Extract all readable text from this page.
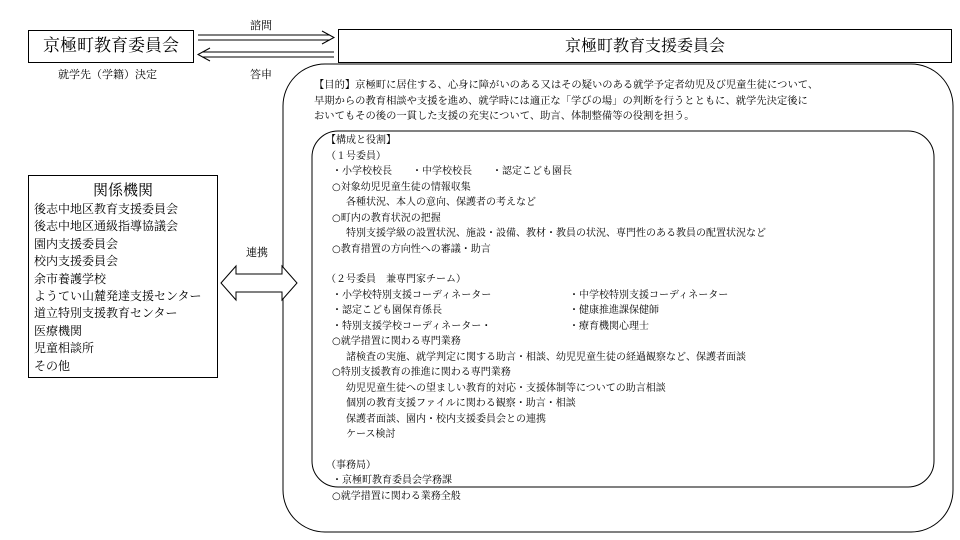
京極町教育委員会
就学先（学籍）決定
諮問
答申
連携
京極町教育支援委員会
【目的】京極町に居住する、心身に障がいのある又はその疑いのある就学予定者幼児及び児童生徒について、
早期からの教育相談や支援を進め、就学時には適正な「学びの場」の判断を行うとともに、就学先決定後に
おいてもその後の一貫した支援の充実について、助言、体制整備等の役割を担う。
関係機関
後志中地区教育支援委員会
後志中地区通級指導協議会
園内支援委員会
校内支援委員会
余市養護学校
ようてい山麓発達支援センター
道立特別支援教育センター
医療機関
児童相談所
その他
【構成と役割】
（１号委員）
・小学校校長　　・中学校校長　　・認定こども園長
○対象幼児児童生徒の情報収集
各種状況、本人の意向、保護者の考えなど
○町内の教育状況の把握
特別支援学級の設置状況、施設・設備、教材・教員の状況、専門性のある教員の配置状況など
○教育措置の方向性への審議・助言
（２号委員　兼専門家チーム）
・小学校特別支援コーディネーター	・中学校特別支援コーディネーター
・認定こども園保育係長	・健康推進課保健師
・特別支援学校コーディネーター・	・療育機関心理士
○就学措置に関わる専門業務
諸検査の実施、就学判定に関する助言・相談、幼児児童生徒の経過観察など、保護者面談
○特別支援教育の推進に関わる専門業務
幼児児童生徒への望ましい教育的対応・支援体制等についての助言相談
個別の教育支援ファイルに関わる観察・助言・相談
保護者面談、園内・校内支援委員会との連携
ケース検討
（事務局）
・京極町教育委員会学務課
○就学措置に関わる業務全般
